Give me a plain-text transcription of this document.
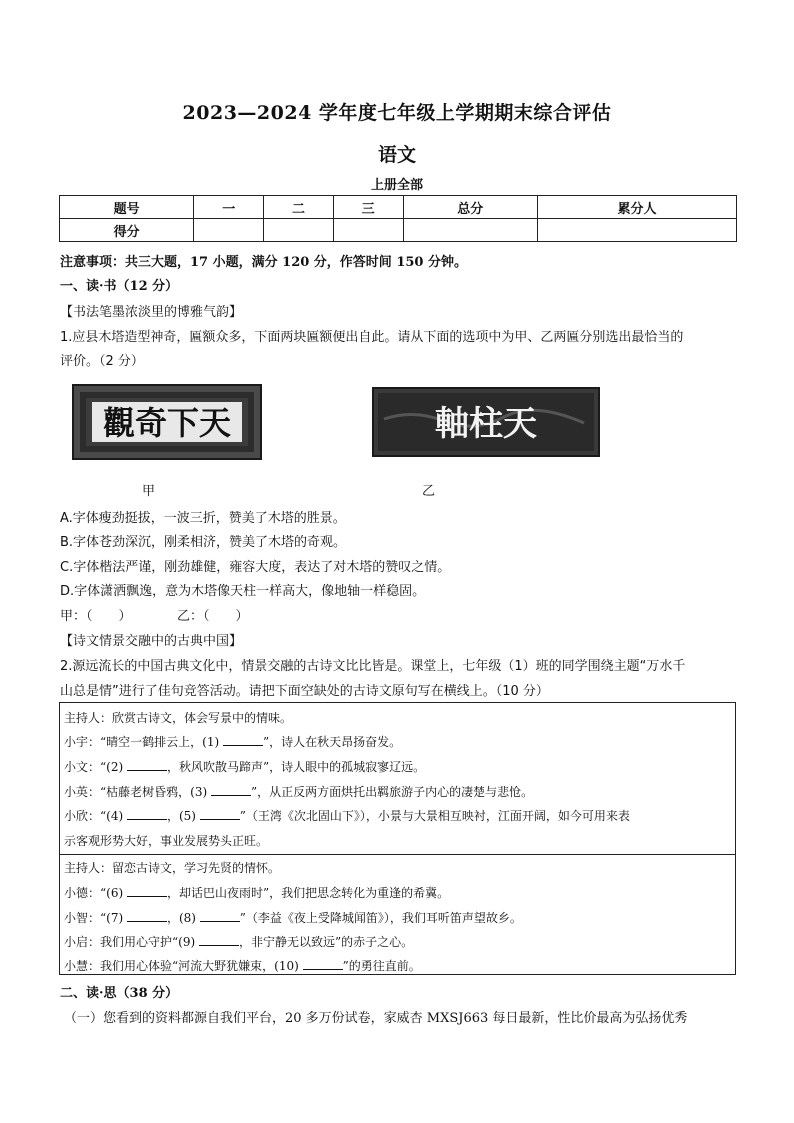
2023—2024 学年度七年级上学期期末综合评估
语文
上册全部
题号	一	二	三	总分	累分人
得分					
注意事项：共三大题，17 小题，满分 120 分，作答时间 150 分钟。
一、读·书（12 分）
【书法笔墨浓淡里的博雅气韵】
1.应县木塔造型神奇，匾额众多，下面两块匾额便出自此。请从下面的选项中为甲、乙两匾分别选出最恰当的
评价。（2 分）
觀奇下天
甲
軸柱天
乙
A.字体瘦劲挺拔，一波三折，赞美了木塔的胜景。
B.字体苍劲深沉，刚柔相济，赞美了木塔的奇观。
C.字体楷法严谨，刚劲雄健，雍容大度，表达了对木塔的赞叹之情。
D.字体潇洒飘逸，意为木塔像天柱一样高大，像地轴一样稳固。
甲：（　　）　　　　乙：（　　）
【诗文情景交融中的古典中国】
2.源远流长的中国古典文化中，情景交融的古诗文比比皆是。课堂上，七年级（1）班的同学围绕主题“万水千
山总是情”进行了佳句竞答活动。请把下面空缺处的古诗文原句写在横线上。（10 分）
主持人：欣赏古诗文，体会写景中的情味。
小宇：“晴空一鹤排云上，(1)	”，诗人在秋天昂扬奋发。
小文：“(2)	，秋风吹散马蹄声”，诗人眼中的孤城寂寥辽远。
小英：“枯藤老树昏鸦，(3)	”，从正反两方面烘托出羁旅游子内心的凄楚与悲怆。
小欣：“(4)	，(5)	”（王湾《次北固山下》），小景与大景相互映衬，江面开阔，如今可用来表
示客观形势大好，事业发展势头正旺。
主持人：留恋古诗文，学习先贤的情怀。
小德：“(6)	，却话巴山夜雨时”，我们把思念转化为重逢的希冀。
小智：“(7)	，(8)	”（李益《夜上受降城闻笛》），我们耳听笛声望故乡。
小启：我们用心守护“(9)	，非宁静无以致远”的赤子之心。
小慧：我们用心体验“河流大野犹嫌束，(10)	”的勇往直前。
二、读·思（38 分）
（一）您看到的资料都源自我们平台，20 多万份试卷，家威杏 MXSJ663 每日最新，性比价最高为弘扬优秀
